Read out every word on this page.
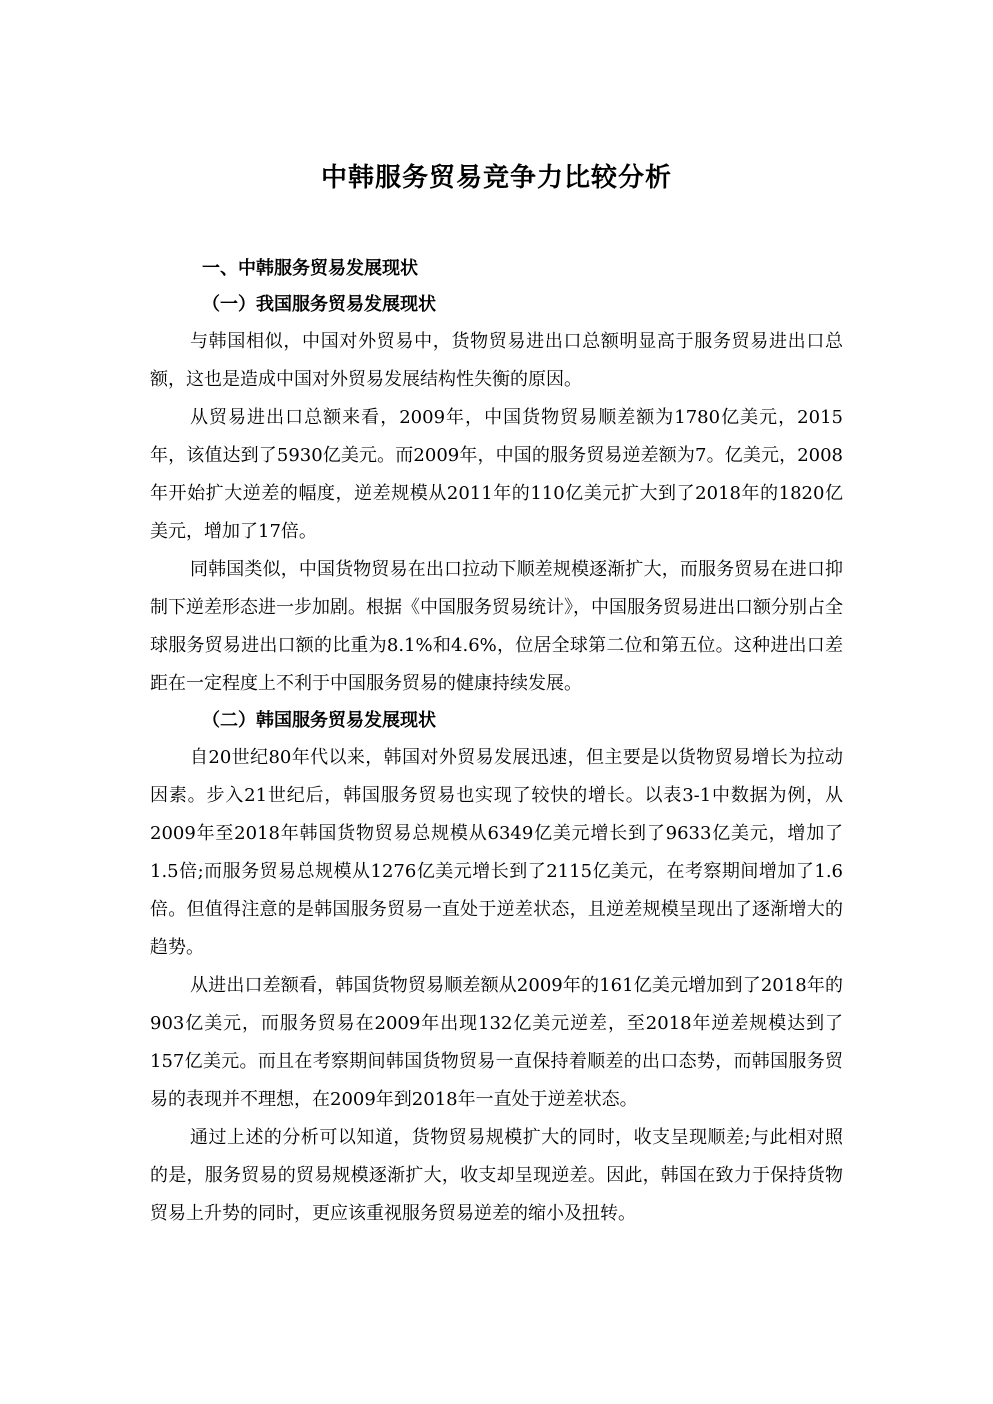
中韩服务贸易竞争力比较分析
一、中韩服务贸易发展现状
（一）我国服务贸易发展现状

与韩国相似，中国对外贸易中，货物贸易进出口总额明显高于服务贸易进出口总额，这也是造成中国对外贸易发展结构性失衡的原因。

从贸易进出口总额来看，2009年，中国货物贸易顺差额为1780亿美元，2015年，该值达到了5930亿美元。而2009年，中国的服务贸易逆差额为7。亿美元，2008年开始扩大逆差的幅度，逆差规模从2011年的110亿美元扩大到了2018年的1820亿美元，增加了17倍。

同韩国类似，中国货物贸易在出口拉动下顺差规模逐渐扩大，而服务贸易在进口抑制下逆差形态进一步加剧。根据《中国服务贸易统计》，中国服务贸易进出口额分别占全球服务贸易进出口额的比重为8.1%和4.6%，位居全球第二位和第五位。这种进出口差距在一定程度上不利于中国服务贸易的健康持续发展。

（二）韩国服务贸易发展现状

自20世纪80年代以来，韩国对外贸易发展迅速，但主要是以货物贸易增长为拉动因素。步入21世纪后，韩国服务贸易也实现了较快的增长。以表3-1中数据为例，从2009年至2018年韩国货物贸易总规模从6349亿美元增长到了9633亿美元，增加了1.5倍;而服务贸易总规模从1276亿美元增长到了2115亿美元，在考察期间增加了1.6倍。但值得注意的是韩国服务贸易一直处于逆差状态，且逆差规模呈现出了逐渐增大的趋势。

从进出口差额看，韩国货物贸易顺差额从2009年的161亿美元增加到了2018年的903亿美元，而服务贸易在2009年出现132亿美元逆差，至2018年逆差规模达到了157亿美元。而且在考察期间韩国货物贸易一直保持着顺差的出口态势，而韩国服务贸易的表现并不理想，在2009年到2018年一直处于逆差状态。

通过上述的分析可以知道，货物贸易规模扩大的同时，收支呈现顺差;与此相对照的是，服务贸易的贸易规模逐渐扩大，收支却呈现逆差。因此，韩国在致力于保持货物贸易上升势的同时，更应该重视服务贸易逆差的缩小及扭转。
